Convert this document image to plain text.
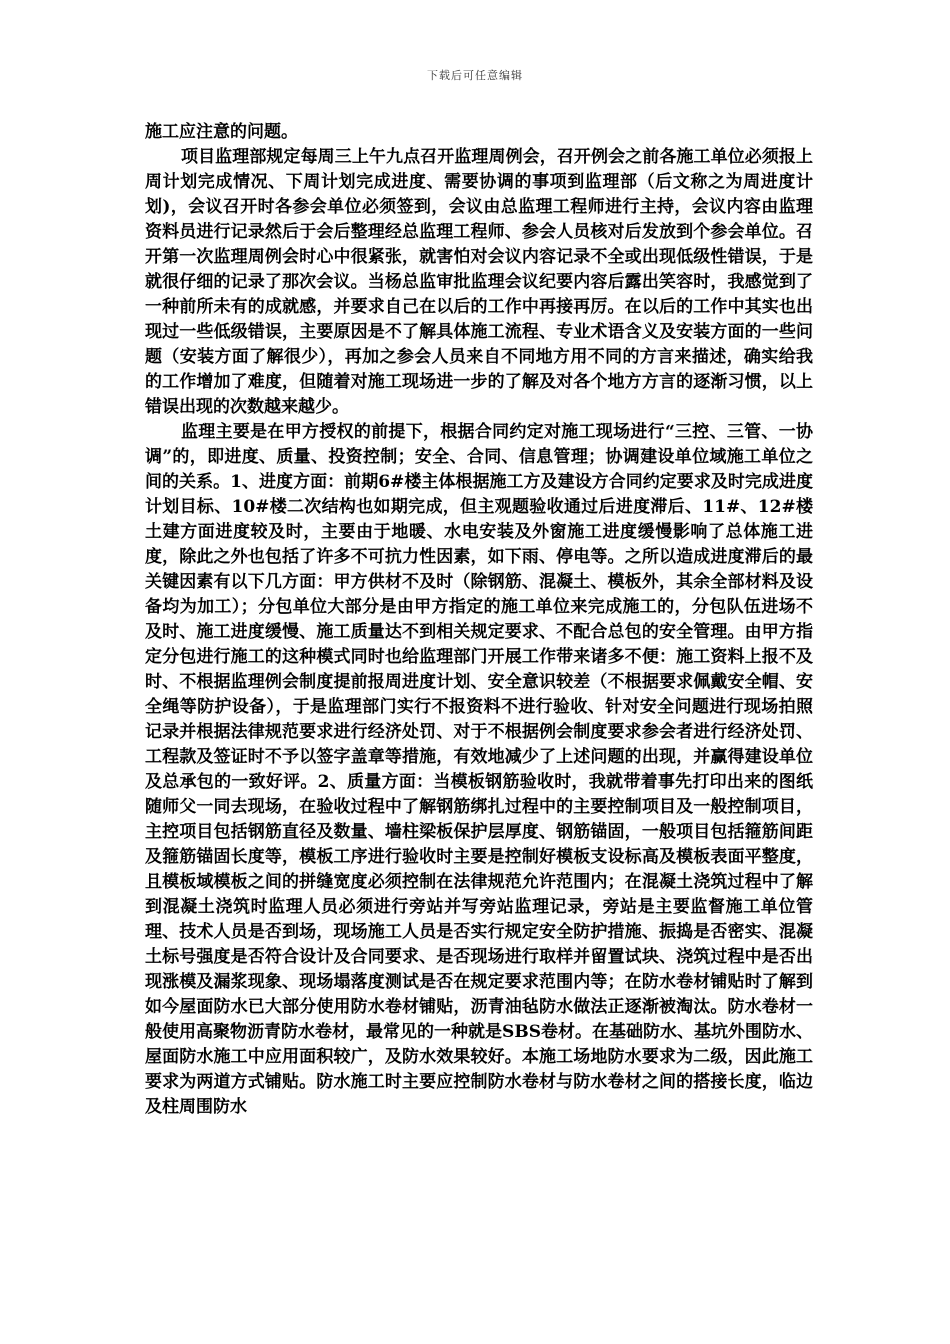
下载后可任意编辑

施工应注意的问题。

项目监理部规定每周三上午九点召开监理周例会，召开例会之前各施工单位必须报上周计划完成情况、下周计划完成进度、需要协调的事项到监理部（后文称之为周进度计划)，会议召开时各参会单位必须签到，会议由总监理工程师进行主持，会议内容由监理资料员进行记录然后于会后整理经总监理工程师、参会人员核对后发放到个参会单位。召开第一次监理周例会时心中很紧张，就害怕对会议内容记录不全或出现低级性错误，于是就很仔细的记录了那次会议。当杨总监审批监理会议纪要内容后露出笑容时，我感觉到了一种前所未有的成就感，并要求自己在以后的工作中再接再厉。在以后的工作中其实也出现过一些低级错误，主要原因是不了解具体施工流程、专业术语含义及安装方面的一些问题（安装方面了解很少），再加之参会人员来自不同地方用不同的方言来描述，确实给我的工作增加了难度，但随着对施工现场进一步的了解及对各个地方方言的逐渐习惯，以上错误出现的次数越来越少。

监理主要是在甲方授权的前提下，根据合同约定对施工现场进行“三控、三管、一协调”的，即进度、质量、投资控制；安全、合同、信息管理；协调建设单位域施工单位之间的关系。1、进度方面：前期6#楼主体根据施工方及建设方合同约定要求及时完成进度计划目标、10#楼二次结构也如期完成，但主观题验收通过后进度滞后、11#、12#楼土建方面进度较及时，主要由于地暖、水电安装及外窗施工进度缓慢影响了总体施工进度，除此之外也包括了许多不可抗力性因素，如下雨、停电等。之所以造成进度滞后的最关键因素有以下几方面：甲方供材不及时（除钢筋、混凝土、模板外，其余全部材料及设备均为加工）；分包单位大部分是由甲方指定的施工单位来完成施工的，分包队伍进场不及时、施工进度缓慢、施工质量达不到相关规定要求、不配合总包的安全管理。由甲方指定分包进行施工的这种模式同时也给监理部门开展工作带来诸多不便：施工资料上报不及时、不根据监理例会制度提前报周进度计划、安全意识较差（不根据要求佩戴安全帽、安全绳等防护设备），于是监理部门实行不报资料不进行验收、针对安全问题进行现场拍照记录并根据法律规范要求进行经济处罚、对于不根据例会制度要求参会者进行经济处罚、工程款及签证时不予以签字盖章等措施，有效地减少了上述问题的出现，并赢得建设单位及总承包的一致好评。2、质量方面：当模板钢筋验收时，我就带着事先打印出来的图纸随师父一同去现场，在验收过程中了解钢筋绑扎过程中的主要控制项目及一般控制项目，主控项目包括钢筋直径及数量、墙柱梁板保护层厚度、钢筋锚固，一般项目包括箍筋间距及箍筋锚固长度等，模板工序进行验收时主要是控制好模板支设标高及模板表面平整度，且模板域模板之间的拼缝宽度必须控制在法律规范允许范围内；在混凝土浇筑过程中了解到混凝土浇筑时监理人员必须进行旁站并写旁站监理记录，旁站是主要监督施工单位管理、技术人员是否到场，现场施工人员是否实行规定安全防护措施、振捣是否密实、混凝土标号强度是否符合设计及合同要求、是否现场进行取样并留置试块、浇筑过程中是否出现涨模及漏浆现象、现场塌落度测试是否在规定要求范围内等；在防水卷材铺贴时了解到如今屋面防水已大部分使用防水卷材铺贴，沥青油毡防水做法正逐渐被淘汰。防水卷材一般使用高聚物沥青防水卷材，最常见的一种就是SBS卷材。在基础防水、基坑外围防水、屋面防水施工中应用面积较广，及防水效果较好。本施工场地防水要求为二级，因此施工要求为两道方式铺贴。防水施工时主要应控制防水卷材与防水卷材之间的搭接长度，临边及柱周围防水
